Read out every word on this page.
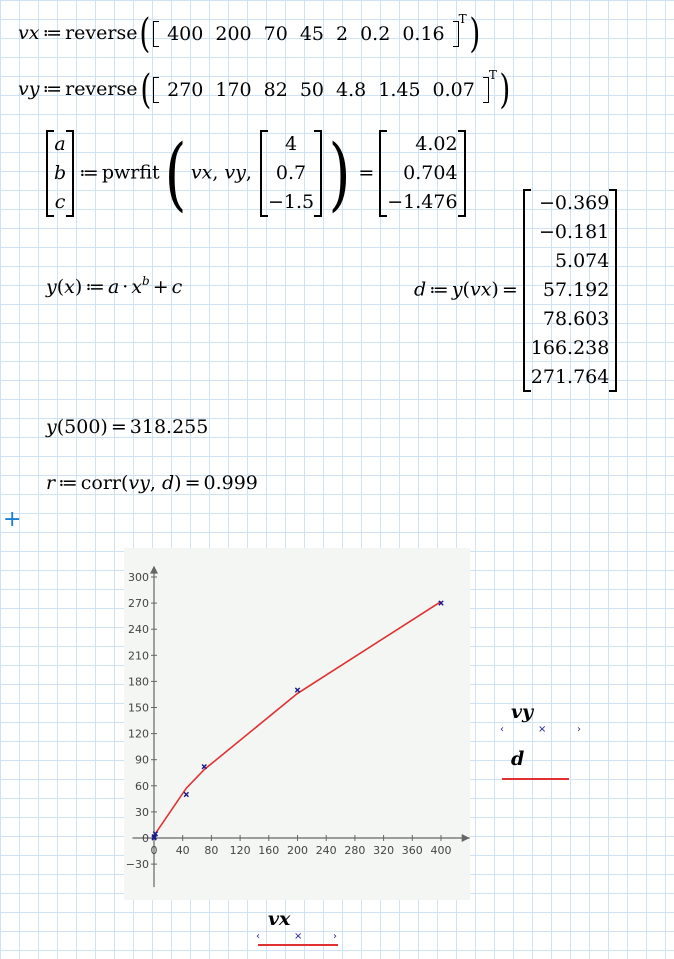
vx ≔ reverse( 400 200 70 45 2 0.2 $0.16^T$)
vy ≔ reverse( 270 170 82 50 4.8 1.45 $0.07^T$)
a
b
c
≔ pwrfit( vx, vy,
4
0.7
−1.5 ) =
4.02
0.704
−1.476
y(x) ≔ $a \cdot x^b + c$	d ≔ y(vx) =
−0.369
−0.181
5.074
57.192
78.603
166.238
271.764
y(500) = 318.255
r ≔ corr(vy, d) = 0.999
+
−30
0
30
60
90
120
150
180
210
240
270
300
0 40 80 120 160 200 240 280 320 360 400
vy
d
‹	×	›
vx
‹	×	›
